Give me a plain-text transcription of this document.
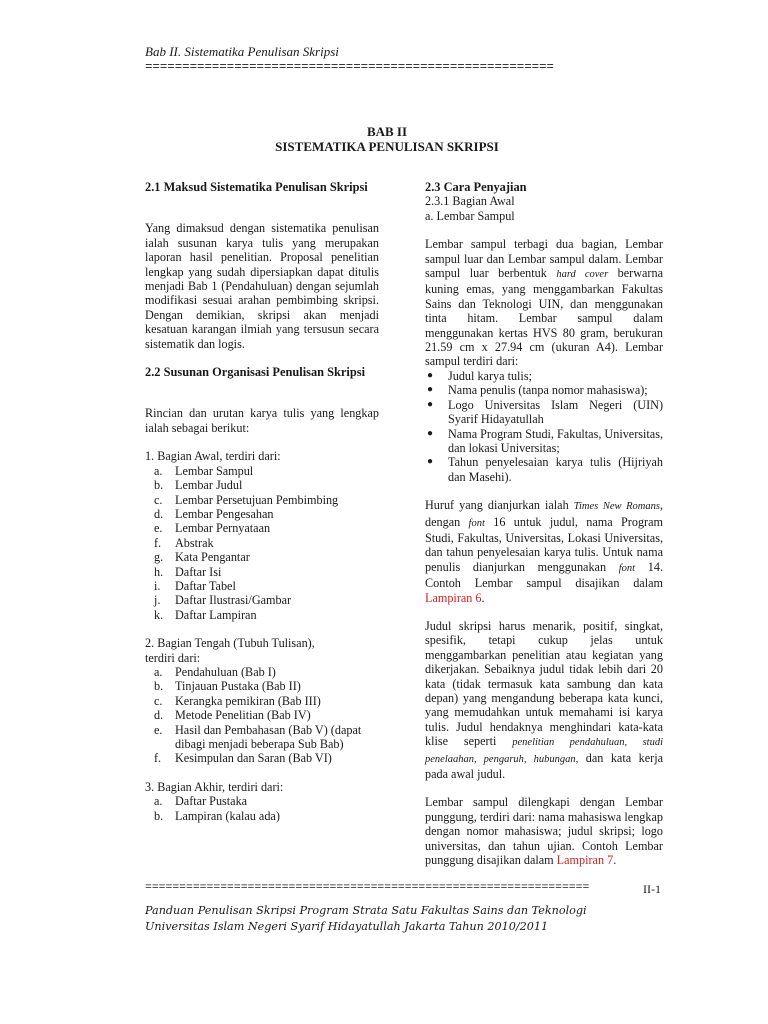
Bab II. Sistematika Penulisan Skripsi
=======================================================
BAB II
SISTEMATIKA PENULISAN SKRIPSI
2.1 Maksud Sistematika Penulisan Skripsi

Yang dimaksud dengan sistematika penulisan ialah susunan karya tulis yang merupakan laporan hasil penelitian. Proposal penelitian lengkap yang sudah dipersiapkan dapat ditulis menjadi Bab 1 (Pendahuluan) dengan sejumlah modifikasi sesuai arahan pembimbing skripsi. Dengan demikian, skripsi akan menjadi kesatuan karangan ilmiah yang tersusun secara sistematik dan logis.

2.2 Susunan Organisasi Penulisan Skripsi

Rincian dan urutan karya tulis yang lengkap ialah sebagai berikut:

1. Bagian Awal, terdiri dari:
a.	Lembar Sampul
b. Lembar Judul
c.	Lembar Persetujuan Pembimbing
d. Lembar Pengesahan
e.	Lembar Pernyataan
f.	Abstrak
g. Kata Pengantar
h. Daftar Isi
i.	Daftar Tabel
j.	Daftar Ilustrasi/Gambar
k. Daftar Lampiran
2. Bagian Tengah (Tubuh Tulisan), terdiri dari:
a.	Pendahuluan (Bab I)
b. Tinjauan Pustaka (Bab II)
c.	Kerangka pemikiran (Bab III)
d. Metode Penelitian (Bab IV)
e.	Hasil dan Pembahasan (Bab V) (dapat dibagi menjadi beberapa Sub Bab)
f.	Kesimpulan dan Saran (Bab VI)
3. Bagian Akhir, terdiri dari:
a.	Daftar Pustaka
b. Lampiran (kalau ada)
2.3 Cara Penyajian
2.3.1 Bagian Awal
a. Lembar Sampul

Lembar sampul terbagi dua bagian, Lembar sampul luar dan Lembar sampul dalam. Lembar sampul luar berbentuk hard cover berwarna kuning emas, yang menggambarkan Fakultas Sains dan Teknologi UIN, dan menggunakan tinta hitam. Lembar sampul dalam menggunakan kertas HVS 80 gram, berukuran 21.59 cm x 27.94 cm (ukuran A4). Lembar sampul terdiri dari:

●	Judul karya tulis;
●	Nama penulis (tanpa nomor mahasiswa);
●	Logo Universitas Islam Negeri (UIN) Syarif Hidayatullah
●	Nama Program Studi, Fakultas, Universitas, dan lokasi Universitas;
●	Tahun penyelesaian karya tulis (Hijriyah dan Masehi).

Huruf yang dianjurkan ialah Times New Romans, dengan font 16 untuk judul, nama Program Studi, Fakultas, Universitas, Lokasi Universitas, dan tahun penyelesaian karya tulis. Untuk nama penulis dianjurkan menggunakan font 14. Contoh Lembar sampul disajikan dalam Lampiran 6.

Judul skripsi harus menarik, positif, singkat, spesifik, tetapi cukup jelas untuk menggambarkan penelitian atau kegiatan yang dikerjakan. Sebaiknya judul tidak lebih dari 20 kata (tidak termasuk kata sambung dan kata depan) yang mengandung beberapa kata kunci, yang memudahkan untuk memahami isi karya tulis. Judul hendaknya menghindari kata-kata klise seperti penelitian pendahuluan, studi penelaahan, pengaruh, hubungan, dan kata kerja pada awal judul.

Lembar sampul dilengkapi dengan Lembar punggung, terdiri dari: nama mahasiswa lengkap dengan nomor mahasiswa; judul skripsi; logo universitas, dan tahun ujian. Contoh Lembar punggung disajikan dalam Lampiran 7.

=================================================================	II-1
Panduan Penulisan Skripsi Program Strata Satu Fakultas Sains dan Teknologi
Universitas Islam Negeri Syarif Hidayatullah Jakarta Tahun 2010/2011
